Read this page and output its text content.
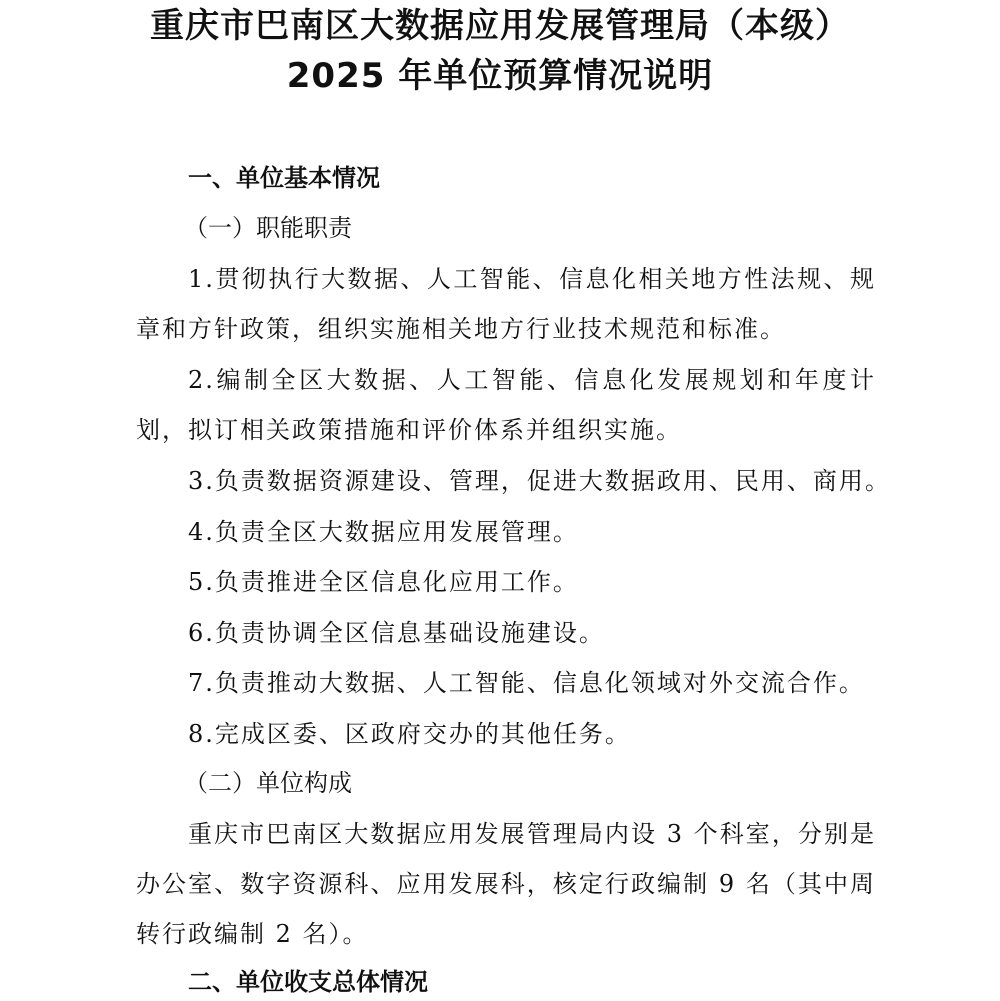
重庆市巴南区大数据应用发展管理局（本级）
2025 年单位预算情况说明
一、单位基本情况
（一）职能职责
1.贯彻执行大数据、人工智能、信息化相关地方性法规、规章和方针政策，组织实施相关地方行业技术规范和标准。
2.编制全区大数据、人工智能、信息化发展规划和年度计划，拟订相关政策措施和评价体系并组织实施。
3.负责数据资源建设、管理，促进大数据政用、民用、商用。
4.负责全区大数据应用发展管理。
5.负责推进全区信息化应用工作。
6.负责协调全区信息基础设施建设。
7.负责推动大数据、人工智能、信息化领域对外交流合作。
8.完成区委、区政府交办的其他任务。
（二）单位构成
重庆市巴南区大数据应用发展管理局内设 3 个科室，分别是办公室、数字资源科、应用发展科，核定行政编制 9 名（其中周转行政编制 2 名）。
二、单位收支总体情况
